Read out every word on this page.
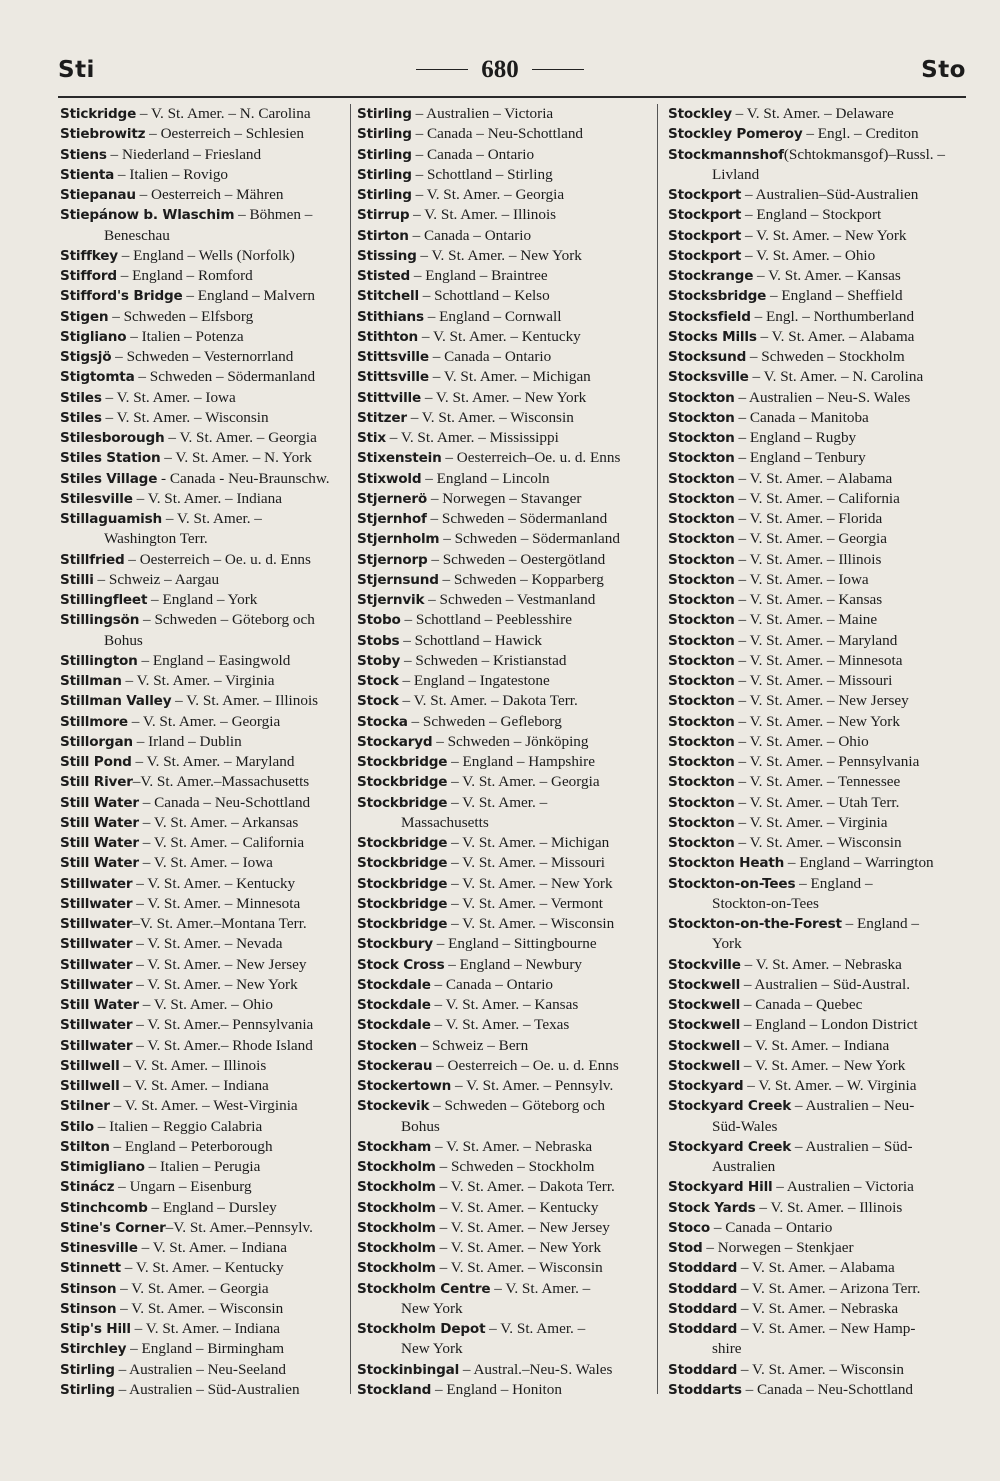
Sti	680	Sto
Stickridge – V. St. Amer. – N. Carolina
Stiebrowitz – Oesterreich – Schlesien
Stiens – Niederland – Friesland
Stienta – Italien – Rovigo
Stiepanau – Oesterreich – Mähren
Stiepánow b. Wlaschim – Böhmen –
Beneschau
Stiffkey – England – Wells (Norfolk)
Stifford – England – Romford
Stifford's Bridge – England – Malvern
Stigen – Schweden – Elfsborg
Stigliano – Italien – Potenza
Stigsjö – Schweden – Vesternorrland
Stigtomta – Schweden – Södermanland
Stiles – V. St. Amer. – Iowa
Stiles – V. St. Amer. – Wisconsin
Stilesborough – V. St. Amer. – Georgia
Stiles Station – V. St. Amer. – N. York
Stiles Village - Canada - Neu-Braunschw.
Stilesville – V. St. Amer. – Indiana
Stillaguamish – V. St. Amer. –
Washington Terr.
Stillfried – Oesterreich – Oe. u. d. Enns
Stilli – Schweiz – Aargau
Stillingfleet – England – York
Stillingsön – Schweden – Göteborg och
Bohus
Stillington – England – Easingwold
Stillman – V. St. Amer. – Virginia
Stillman Valley – V. St. Amer. – Illinois
Stillmore – V. St. Amer. – Georgia
Stillorgan – Irland – Dublin
Still Pond – V. St. Amer. – Maryland
Still River–V. St. Amer.–Massachusetts
Still Water – Canada – Neu-Schottland
Still Water – V. St. Amer. – Arkansas
Still Water – V. St. Amer. – California
Still Water – V. St. Amer. – Iowa
Stillwater – V. St. Amer. – Kentucky
Stillwater – V. St. Amer. – Minnesota
Stillwater–V. St. Amer.–Montana Terr.
Stillwater – V. St. Amer. – Nevada
Stillwater – V. St. Amer. – New Jersey
Stillwater – V. St. Amer. – New York
Still Water – V. St. Amer. – Ohio
Stillwater – V. St. Amer.– Pennsylvania
Stillwater – V. St. Amer.– Rhode Island
Stillwell – V. St. Amer. – Illinois
Stillwell – V. St. Amer. – Indiana
Stilner – V. St. Amer. – West-Virginia
Stilo – Italien – Reggio Calabria
Stilton – England – Peterborough
Stimigliano – Italien – Perugia
Stinácz – Ungarn – Eisenburg
Stinchcomb – England – Dursley
Stine's Corner–V. St. Amer.–Pennsylv.
Stinesville – V. St. Amer. – Indiana
Stinnett – V. St. Amer. – Kentucky
Stinson – V. St. Amer. – Georgia
Stinson – V. St. Amer. – Wisconsin
Stip's Hill – V. St. Amer. – Indiana
Stirchley – England – Birmingham
Stirling – Australien – Neu-Seeland
Stirling – Australien – Süd-Australien
Stirling – Australien – Victoria
Stirling – Canada – Neu-Schottland
Stirling – Canada – Ontario
Stirling – Schottland – Stirling
Stirling – V. St. Amer. – Georgia
Stirrup – V. St. Amer. – Illinois
Stirton – Canada – Ontario
Stissing – V. St. Amer. – New York
Stisted – England – Braintree
Stitchell – Schottland – Kelso
Stithians – England – Cornwall
Stithton – V. St. Amer. – Kentucky
Stittsville – Canada – Ontario
Stittsville – V. St. Amer. – Michigan
Stittville – V. St. Amer. – New York
Stitzer – V. St. Amer. – Wisconsin
Stix – V. St. Amer. – Mississippi
Stixenstein – Oesterreich–Oe. u. d. Enns
Stixwold – England – Lincoln
Stjernerö – Norwegen – Stavanger
Stjernhof – Schweden – Södermanland
Stjernholm – Schweden – Södermanland
Stjernorp – Schweden – Oestergötland
Stjernsund – Schweden – Kopparberg
Stjernvik – Schweden – Vestmanland
Stobo – Schottland – Peeblesshire
Stobs – Schottland – Hawick
Stoby – Schweden – Kristianstad
Stock – England – Ingatestone
Stock – V. St. Amer. – Dakota Terr.
Stocka – Schweden – Gefleborg
Stockaryd – Schweden – Jönköping
Stockbridge – England – Hampshire
Stockbridge – V. St. Amer. – Georgia
Stockbridge – V. St. Amer. –
Massachusetts
Stockbridge – V. St. Amer. – Michigan
Stockbridge – V. St. Amer. – Missouri
Stockbridge – V. St. Amer. – New York
Stockbridge – V. St. Amer. – Vermont
Stockbridge – V. St. Amer. – Wisconsin
Stockbury – England – Sittingbourne
Stock Cross – England – Newbury
Stockdale – Canada – Ontario
Stockdale – V. St. Amer. – Kansas
Stockdale – V. St. Amer. – Texas
Stocken – Schweiz – Bern
Stockerau – Oesterreich – Oe. u. d. Enns
Stockertown – V. St. Amer. – Pennsylv.
Stockevik – Schweden – Göteborg och
Bohus
Stockham – V. St. Amer. – Nebraska
Stockholm – Schweden – Stockholm
Stockholm – V. St. Amer. – Dakota Terr.
Stockholm – V. St. Amer. – Kentucky
Stockholm – V. St. Amer. – New Jersey
Stockholm – V. St. Amer. – New York
Stockholm – V. St. Amer. – Wisconsin
Stockholm Centre – V. St. Amer. –
New York
Stockholm Depot – V. St. Amer. –
New York
Stockinbingal – Austral.–Neu-S. Wales
Stockland – England – Honiton
Stockley – V. St. Amer. – Delaware
Stockley Pomeroy – Engl. – Crediton
Stockmannshof(Schtokmansgof)–Russl. –
Livland
Stockport – Australien–Süd-Australien
Stockport – England – Stockport
Stockport – V. St. Amer. – New York
Stockport – V. St. Amer. – Ohio
Stockrange – V. St. Amer. – Kansas
Stocksbridge – England – Sheffield
Stocksfield – Engl. – Northumberland
Stocks Mills – V. St. Amer. – Alabama
Stocksund – Schweden – Stockholm
Stocksville – V. St. Amer. – N. Carolina
Stockton – Australien – Neu-S. Wales
Stockton – Canada – Manitoba
Stockton – England – Rugby
Stockton – England – Tenbury
Stockton – V. St. Amer. – Alabama
Stockton – V. St. Amer. – California
Stockton – V. St. Amer. – Florida
Stockton – V. St. Amer. – Georgia
Stockton – V. St. Amer. – Illinois
Stockton – V. St. Amer. – Iowa
Stockton – V. St. Amer. – Kansas
Stockton – V. St. Amer. – Maine
Stockton – V. St. Amer. – Maryland
Stockton – V. St. Amer. – Minnesota
Stockton – V. St. Amer. – Missouri
Stockton – V. St. Amer. – New Jersey
Stockton – V. St. Amer. – New York
Stockton – V. St. Amer. – Ohio
Stockton – V. St. Amer. – Pennsylvania
Stockton – V. St. Amer. – Tennessee
Stockton – V. St. Amer. – Utah Terr.
Stockton – V. St. Amer. – Virginia
Stockton – V. St. Amer. – Wisconsin
Stockton Heath – England – Warrington
Stockton-on-Tees – England –
Stockton-on-Tees
Stockton-on-the-Forest – England –
York
Stockville – V. St. Amer. – Nebraska
Stockwell – Australien – Süd-Austral.
Stockwell – Canada – Quebec
Stockwell – England – London District
Stockwell – V. St. Amer. – Indiana
Stockwell – V. St. Amer. – New York
Stockyard – V. St. Amer. – W. Virginia
Stockyard Creek – Australien – Neu-
Süd-Wales
Stockyard Creek – Australien – Süd-
Australien
Stockyard Hill – Australien – Victoria
Stock Yards – V. St. Amer. – Illinois
Stoco – Canada – Ontario
Stod – Norwegen – Stenkjaer
Stoddard – V. St. Amer. – Alabama
Stoddard – V. St. Amer. – Arizona Terr.
Stoddard – V. St. Amer. – Nebraska
Stoddard – V. St. Amer. – New Hamp-
shire
Stoddard – V. St. Amer. – Wisconsin
Stoddarts – Canada – Neu-Schottland
